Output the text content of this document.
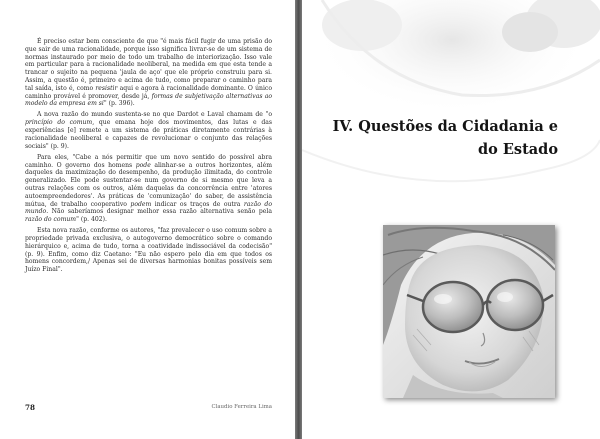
É preciso estar bem consciente de que "é mais fácil fugir de uma prisão do que sair de uma racionalidade, porque isso significa livrar-se de um sistema de normas instaurado por meio de todo um trabalho de interiorização. Isso vale em particular para a racionalidade neoliberal, na medida em que esta tende a trancar o sujeito na pequena 'jaula de aço' que ele próprio construiu para si. Assim, a questão é, primeiro e acima de tudo, como preparar o caminho para tal saída, isto é, como resistir aqui e agora à racionalidade dominante. O único caminho provável é promover, desde já, formas de subjetivação alternativas ao modelo da empresa em si" (p. 396).

A nova razão do mundo sustenta-se no que Dardot e Laval chamam de "o princípio do comum, que emana hoje dos movimentos, das lutas e das experiências [e] remete a um sistema de práticas diretamente contrárias à racionalidade neoliberal e capazes de revolucionar o conjunto das relações sociais" (p. 9).

Para eles, "Cabe a nós permitir que um novo sentido do possível abra caminho. O governo dos homens pode alinhar-se a outros horizontes, além daqueles da maximização do desempenho, da produção ilimitada, do controle generalizado. Ele pode sustentar-se num governo de si mesmo que leva a outras relações com os outros, além daquelas da concorrência entre 'atores autoempreendedores'. As práticas de 'comunização' do saber, de assistência mútua, de trabalho cooperativo podem indicar os traços de outra razão do mundo. Não saberíamos designar melhor essa razão alternativa senão pela razão do comum" (p. 402).

Esta nova razão, conforme os autores, "faz prevalecer o uso comum sobre a propriedade privada exclusiva, o autogoverno democrático sobre o comando hierárquico e, acima de tudo, torna a coatividade indissociável da codecisão" (p. 9). Enfim, como diz Caetano: "Eu não espero pelo dia em que todos os homens concordem,/ Apenas sei de diversas harmonias bonitas possíveis sem Juízo Final".

78	Claudio Ferreira Lima
IV. Questões da Cidadania e
do Estado
